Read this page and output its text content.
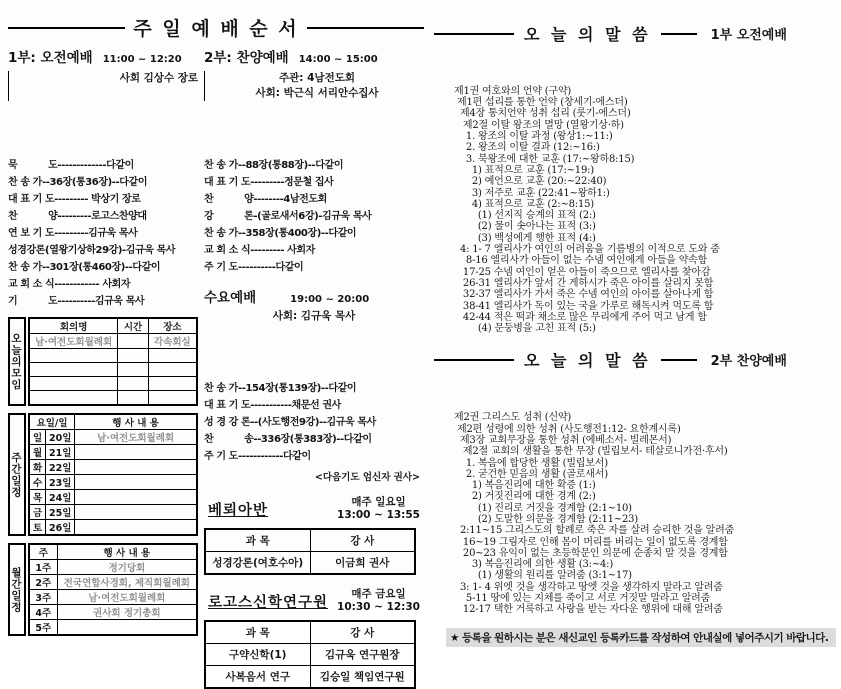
주 일 예 배 순 서
1부: 오전예배 11:00 ~ 12:20
사회 김상수 장로

묵          도-------------다같이
찬 송 가--36장(통36장)--다같이
대 표 기 도--------- 박상기 장로
찬          양---------로고스찬양대
연 보 기 도---------김규욱 목사
성경강론(열왕기상하29강)-김규욱 목사
찬 송 가--301장(통460장)--다같이
교 회 소 식------------ 사회자
기          도----------김규욱 목사
오늘의모임
회의명	시간	장소
남·여전도회월례회		각속회실

주간일정
요일/일		행 사 내 용
일	20일	남·여전도회월례회
월	21일	
화	22일	
수	23일	
목	24일	
금	25일	
토	26일	
월간일정
주	행 사 내 용
1주	정기당회
2주	전국연합사경회, 제직회월례회
3주	남·여전도회월례회
4주	권사회 정기총회
5주	
2부: 찬양예배 14:00 ~ 15:00
주관: 4남전도회
사회: 박근식 서리안수집사

찬 송 가--88장(통88장)--다같이
대 표 기 도---------정문철 집사
찬          양--------4남전도회
강          론-(골로새서6강)-김규욱 목사
찬 송 가--358장(통400장)--다같이
교 회 소 식--------- 사회자
주 기 도----------다같이
수요예배	19:00 ~ 20:00
사회: 김규욱 목사

찬 송 가--154장(통139장)--다같이
대 표 기 도-----------채문선 권사
성 경 강 론--(사도행전9강)--김규욱 목사
찬          송--336장(통383장)--다같이
주 기 도------------다같이
<다음기도 엄신자 권사>
베뢰아반
매주 일요일
13:00 ~ 13:55
과 목	강 사
성경강론(여호수아)	이금희 권사
로고스신학연구원
매주 금요일
10:30 ~ 12:30
과 목	강 사
구약신학(1)	김규욱 연구원장
사복음서 연구	김승일 책임연구원
오 늘 의 말 씀	1부 오전예배

제1권 여호와의 언약 (구약)
제1편 섭리를 통한 언약 (창세기-에스더)
제4장 통치언약 성취 섭리 (룻기-에스더)
제2절 이탈 왕조의 멸망 (열왕기상·하)
1. 왕조의 이탈 과정 (왕상1:~11:)
2. 왕조의 이탈 결과 (12:~16:)
3. 북왕조에 대한 교훈 (17:~왕하8:15)
1) 표적으로 교훈 (17:~19:)
2) 예언으로 교훈 (20:~22:40)
3) 저주로 교훈 (22:41~왕하1:)
4) 표적으로 교훈 (2:~8:15)
(1) 선지직 승계의 표적 (2:)
(2) 물이 솟아나는 표적 (3:)
(3) 백성에게 행한 표적 (4:)
4: 1- 7 엘리사가 여인의 어려움을 기름병의 이적으로 도와 줌
8-16 엘리사가 아들이 없는 수넴 여인에게 아들을 약속함
17-25 수넴 여인이 얻은 아들이 죽으므로 엘리사를 찾아감
26-31 엘리사가 앞서 간 게하시가 죽은 아이를 살리지 못함
32-37 엘리사가 가서 죽은 수넴 여인의 아이를 살아나게 함
38-41 엘리사가 독이 있는 국을 가루로 해독시켜 먹도록 함
42-44 적은 떡과 채소로 많은 무리에게 주어 먹고 남게 함
(4) 문둥병을 고친 표적 (5:)
오 늘 의 말 씀	2부 찬양예배

제2권 그리스도 성취 (신약)
제2편 성령에 의한 성취 (사도행전1:12- 요한계시록)
제3장 교회무장을 통한 성취 (에베소서- 빌레몬서)
제2절 교회의 생활을 통한 무장 (빌립보서- 테살로니가전·후서)
1. 복음에 합당한 생활 (빌립보서)
2. 굳건한 믿음의 생활 (골로새서)
1) 복음진리에 대한 확증 (1:)
2) 거짓진리에 대한 경계 (2:)
(1) 진리로 거짓을 경계함 (2:1~10)
(2) 도말한 의문을 경계함 (2:11~23)
2:11~15 그리스도의 할례로 죽은 자를 살려 승리한 것을 알려줌
16~19 그림자로 인해 몸이 머리를 버리는 일이 없도록 경계함
20~23 유익이 없는 초등학문인 의문에 순종치 말 것을 경계함
3) 복음진리에 의한 생활 (3:~4:)
(1) 생활의 원리를 알려줌 (3:1~17)
3: 1- 4 위엣 것을 생각하고 땅엣 것을 생각하지 말라고 알려줌
5-11 땅에 있는 지체를 죽이고 서로 거짓말 말라고 알려줌
12-17 택한 거룩하고 사랑을 받는 자다운 행위에 대해 알려줌
★ 등록을 원하시는 분은 새신교인 등록카드를 작성하여 안내실에 넣어주시기 바랍니다.
